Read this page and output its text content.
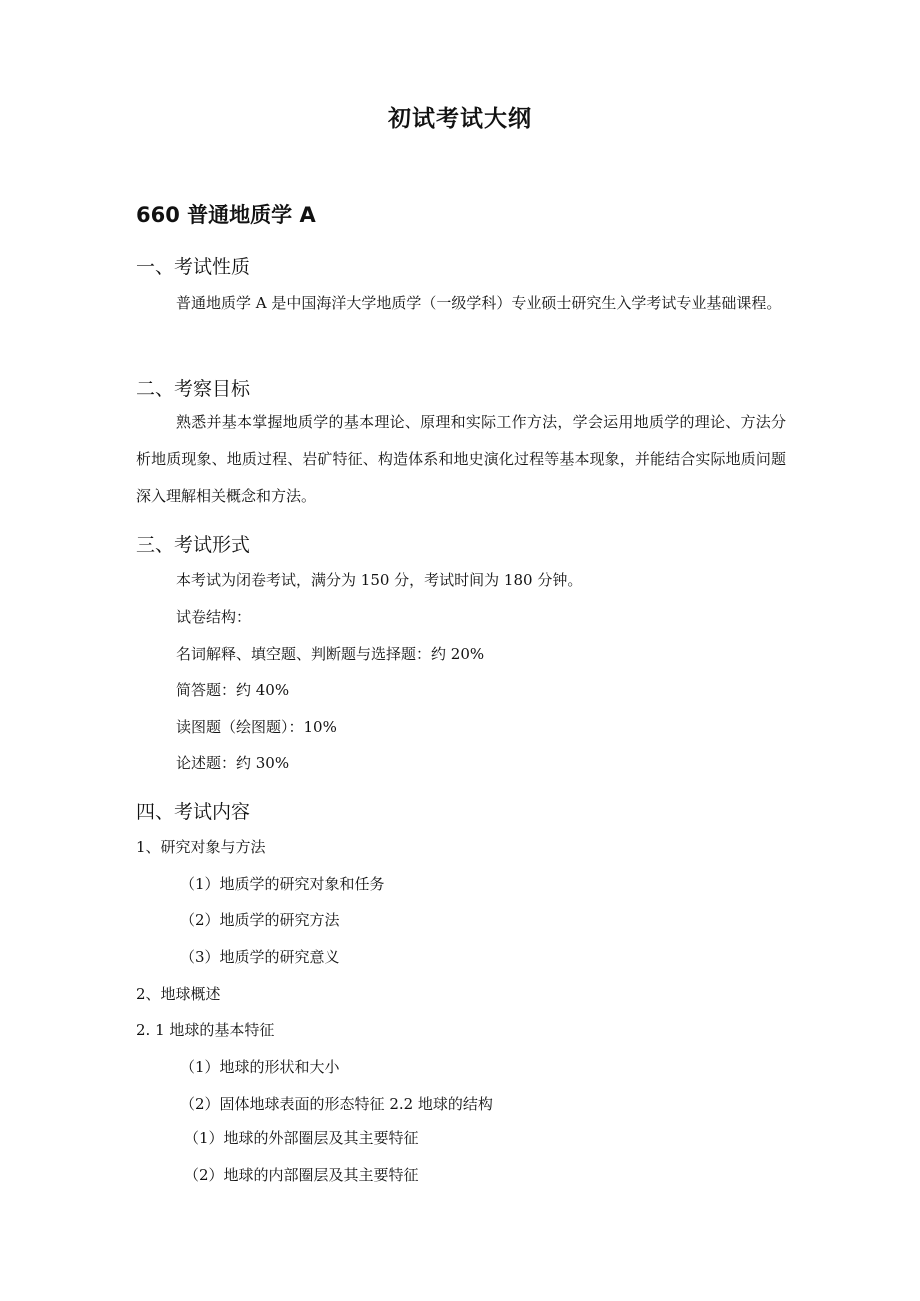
初试考试大纲
660 普通地质学 A
一、考试性质
普通地质学 A 是中国海洋大学地质学（一级学科）专业硕士研究生入学考试专业基础课程。
二、考察目标
熟悉并基本掌握地质学的基本理论、原理和实际工作方法，学会运用地质学的理论、方法分析地质现象、地质过程、岩矿特征、构造体系和地史演化过程等基本现象，并能结合实际地质问题深入理解相关概念和方法。
三、考试形式
本考试为闭卷考试，满分为 150 分，考试时间为 180 分钟。
试卷结构：
名词解释、填空题、判断题与选择题：约 20%
简答题：约 40%
读图题（绘图题）：10%
论述题：约 30%
四、考试内容
1、研究对象与方法
（1）地质学的研究对象和任务
（2）地质学的研究方法
（3）地质学的研究意义
2、地球概述
2. 1 地球的基本特征
（1）地球的形状和大小
（2）固体地球表面的形态特征 2.2 地球的结构
（1）地球的外部圈层及其主要特征
（2）地球的内部圈层及其主要特征
